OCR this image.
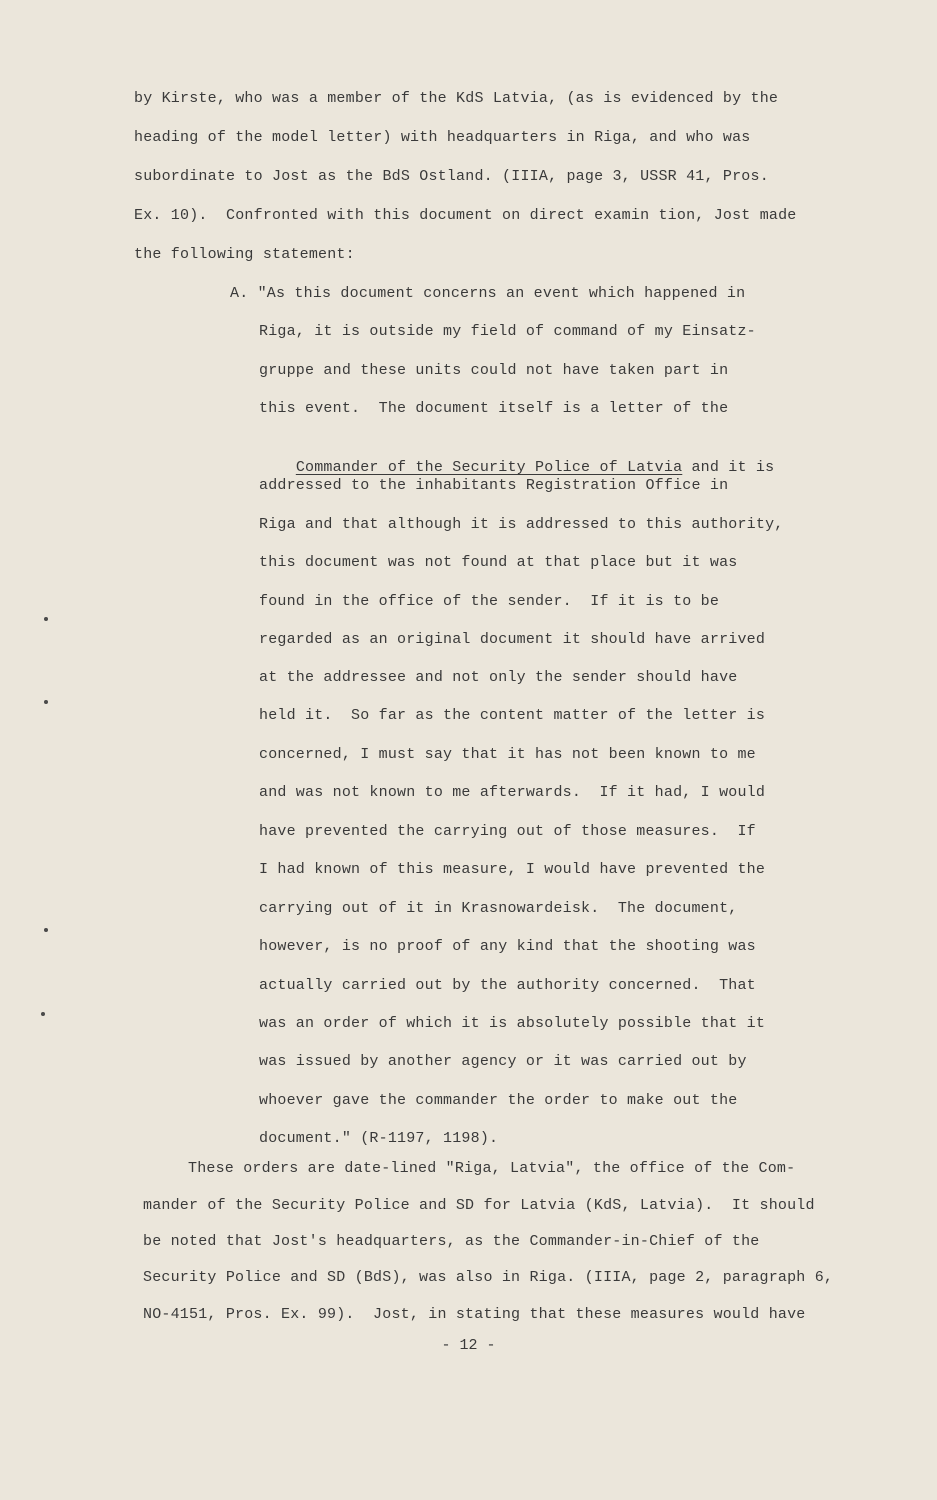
by Kirste, who was a member of the KdS Latvia, (as is evidenced by the
heading of the model letter) with headquarters in Riga, and who was
subordinate to Jost as the BdS Ostland. (IIIA, page 3, USSR 41, Pros.
Ex. 10).  Confronted with this document on direct examin tion, Jost made
the following statement:
A. "As this document concerns an event which happened in
Riga, it is outside my field of command of my Einsatz-
gruppe and these units could not have taken part in
this event.  The document itself is a letter of the

Commander of the Security Police of Latvia and it is

addressed to the inhabitants Registration Office in
Riga and that although it is addressed to this authority,
this document was not found at that place but it was
found in the office of the sender.  If it is to be
regarded as an original document it should have arrived
at the addressee and not only the sender should have
held it.  So far as the content matter of the letter is
concerned, I must say that it has not been known to me
and was not known to me afterwards.  If it had, I would
have prevented the carrying out of those measures.  If
I had known of this measure, I would have prevented the
carrying out of it in Krasnowardeisk.  The document,
however, is no proof of any kind that the shooting was
actually carried out by the authority concerned.  That
was an order of which it is absolutely possible that it
was issued by another agency or it was carried out by
whoever gave the commander the order to make out the
document." (R-1197, 1198).
These orders are date-lined "Riga, Latvia", the office of the Com-
mander of the Security Police and SD for Latvia (KdS, Latvia).  It should
be noted that Jost's headquarters, as the Commander-in-Chief of the
Security Police and SD (BdS), was also in Riga. (IIIA, page 2, paragraph 6,
NO-4151, Pros. Ex. 99).  Jost, in stating that these measures would have
- 12 -
